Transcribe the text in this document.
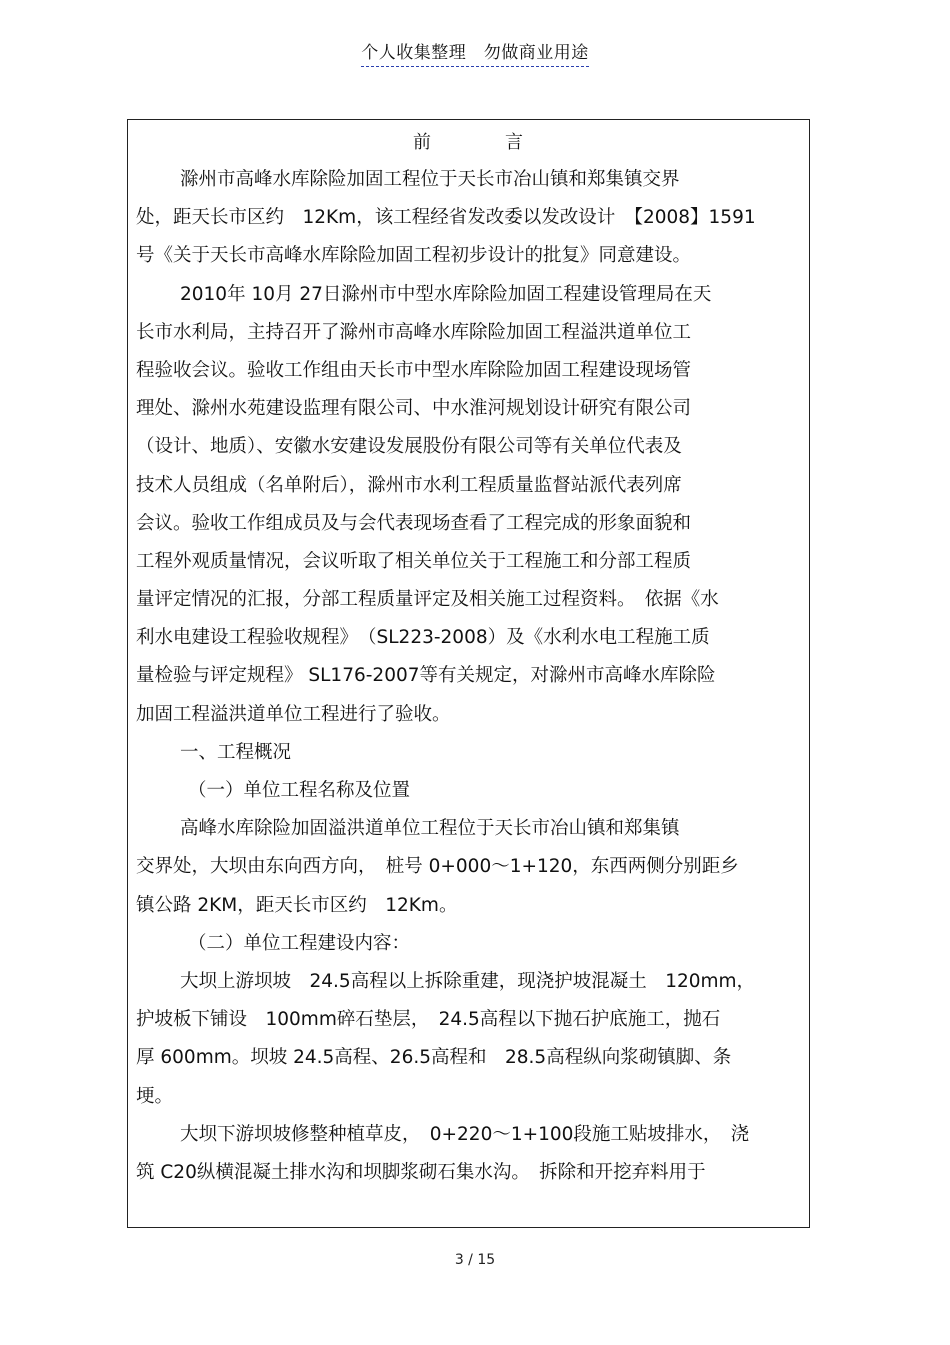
个人收集整理　勿做商业用途
前	言
滁州市高峰水库除险加固工程位于天长市冶山镇和郑集镇交界
处，距天长市区约　12Km，该工程经省发改委以发改设计　【2008】1591
号《关于天长市高峰水库除险加固工程初步设计的批复》同意建设。
2010年 10月 27日滁州市中型水库除险加固工程建设管理局在天
长市水利局，主持召开了滁州市高峰水库除险加固工程溢洪道单位工
程验收会议。验收工作组由天长市中型水库除险加固工程建设现场管
理处、滁州水苑建设监理有限公司、中水淮河规划设计研究有限公司
（设计、地质）、安徽水安建设发展股份有限公司等有关单位代表及
技术人员组成（名单附后），滁州市水利工程质量监督站派代表列席
会议。验收工作组成员及与会代表现场查看了工程完成的形象面貌和
工程外观质量情况，会议听取了相关单位关于工程施工和分部工程质
量评定情况的汇报，分部工程质量评定及相关施工过程资料。　依据《水
利水电建设工程验收规程》　（SL223-2008）及《水利水电工程施工质
量检验与评定规程》 SL176-2007等有关规定，对滁州市高峰水库除险
加固工程溢洪道单位工程进行了验收。
一、工程概况
（一）单位工程名称及位置
高峰水库除险加固溢洪道单位工程位于天长市冶山镇和郑集镇
交界处，大坝由东向西方向，　桩号 0+000～1+120，东西两侧分别距乡
镇公路 2KM，距天长市区约　12Km。
（二）单位工程建设内容：
大坝上游坝坡　24.5高程以上拆除重建，现浇护坡混凝土　120mm，
护坡板下铺设　100mm碎石垫层，　24.5高程以下抛石护底施工，抛石
厚 600mm。坝坡 24.5高程、26.5高程和　28.5高程纵向浆砌镇脚、条
埂。
大坝下游坝坡修整种植草皮，　0+220～1+100段施工贴坡排水，　浇
筑 C20纵横混凝土排水沟和坝脚浆砌石集水沟。　拆除和开挖弃料用于
3 / 15
